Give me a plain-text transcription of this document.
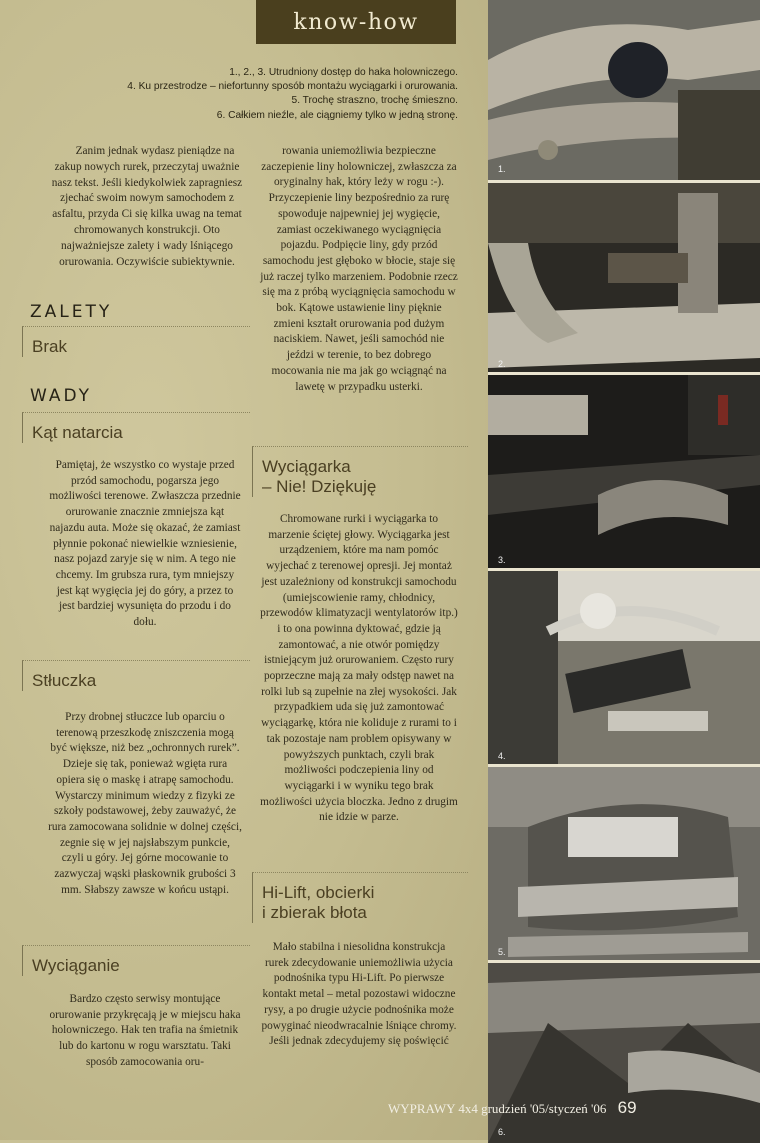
know-how
1., 2., 3. Utrudniony dostęp do haka holowniczego.
4. Ku przestrodze – niefortunny sposób montażu wyciągarki i orurowania.
5. Trochę straszno, trochę śmieszno.
6. Całkiem nieźle, ale ciągniemy tylko w jedną stronę.

Zanim jednak wydasz pieniądze na zakup nowych rurek, przeczytaj uważnie nasz tekst. Jeśli kiedykolwiek zapragniesz zjechać swoim nowym samochodem z asfaltu, przyda Ci się kilka uwag na temat chromowanych konstrukcji. Oto najważniejsze zalety i wady lśniącego orurowania. Oczywiście subiektywnie.

ZALETY
Brak
WADY
Kąt natarcia
Pamiętaj, że wszystko co wystaje przed przód samochodu, pogarsza jego możliwości terenowe. Zwłaszcza przednie orurowanie znacznie zmniejsza kąt najazdu auta. Może się okazać, że zamiast płynnie pokonać niewielkie wzniesienie, nasz pojazd zaryje się w nim. A tego nie chcemy. Im grubsza rura, tym mniejszy jest kąt wygięcia jej do góry, a przez to jest bardziej wysunięta do przodu i do dołu.
Stłuczka
Przy drobnej stłuczce lub oparciu o terenową przeszkodę zniszczenia mogą być większe, niż bez „ochronnych rurek”. Dzieje się tak, ponieważ wgięta rura opiera się o maskę i atrapę samochodu. Wystarczy minimum wiedzy z fizyki ze szkoły podstawowej, żeby zauważyć, że rura zamocowana solidnie w dolnej części, zegnie się w jej najsłabszym punkcie, czyli u góry. Jej górne mocowanie to zazwyczaj wąski płaskownik grubości 3 mm. Słabszy zawsze w końcu ustąpi.
Wyciąganie
Bardzo często serwisy montujące orurowanie przykręcają je w miejscu haka holowniczego. Hak ten trafia na śmietnik lub do kartonu w rogu warsztatu. Taki sposób zamocowania oru-
rowania uniemożliwia bezpieczne zaczepienie liny holowniczej, zwłaszcza za oryginalny hak, który leży w rogu :-). Przyczepienie liny bezpośrednio za rurę spowoduje najpewniej jej wygięcie, zamiast oczekiwanego wyciągnięcia pojazdu. Podpięcie liny, gdy przód samochodu jest głęboko w błocie, staje się już raczej tylko marzeniem. Podobnie rzecz się ma z próbą wyciągnięcia samochodu w bok. Kątowe ustawienie liny pięknie zmieni kształt orurowania pod dużym naciskiem. Nawet, jeśli samochód nie jeździ w terenie, to bez dobrego mocowania nie ma jak go wciągnąć na lawetę w przypadku usterki.
Wyciągarka
– Nie! Dziękuję
Chromowane rurki i wyciągarka to marzenie ściętej głowy. Wyciągarka jest urządzeniem, które ma nam pomóc wyjechać z terenowej opresji. Jej montaż jest uzależniony od konstrukcji samochodu (umiejscowienie ramy, chłodnicy, przewodów klimatyzacji wentylatorów itp.) i to ona powinna dyktować, gdzie ją zamontować, a nie otwór pomiędzy istniejącym już orurowaniem. Często rury poprzeczne mają za mały odstęp nawet na rolki lub są zupełnie na złej wysokości. Jak przypadkiem uda się już zamontować wyciągarkę, która nie koliduje z rurami to i tak pozostaje nam problem opisywany w powyższych punktach, czyli brak możliwości podczepienia liny od wyciągarki i w wyniku tego brak możliwości użycia bloczka. Jedno z drugim nie idzie w parze.
Hi-Lift, obcierki
i zbierak błota
Mało stabilna i niesolidna konstrukcja rurek zdecydowanie uniemożliwia użycia podnośnika typu Hi-Lift. Po pierwsze kontakt metal – metal pozostawi widoczne rysy, a po drugie użycie podnośnika może powyginać nieodwracalnie lśniące chromy. Jeśli jednak zdecydujemy się poświęcić
1.
2.
3.
4.
5.
6.
WYPRAWY 4x4 grudzień '05/styczeń '06 69
